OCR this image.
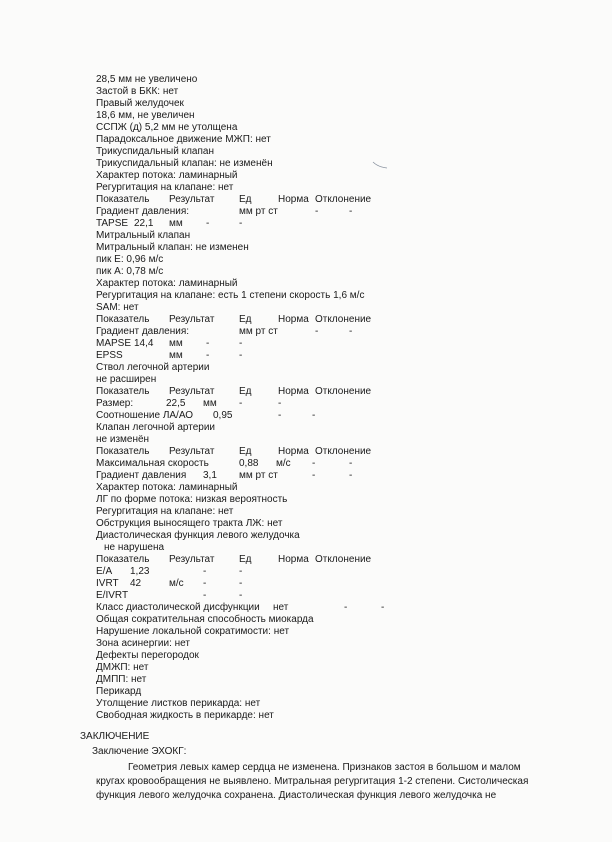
28,5 мм не увеличено
Застой в БКК: нет
Правый желудочек
18,6 мм, не увеличен
ССПЖ (д) 5,2 мм не утолщена
Парадоксальное движение МЖП: нет
Трикуспидальный клапан
Трикуспидальный клапан: не изменён
Характер потока: ламинарный
Регургитация на клапане: нет
Показатель Результат Ед	Норма Отклонение
Градиент давления:	мм рт ст	-	-
TAPSE 22,1 мм -	-
Митральный клапан
Митральный клапан: не изменен
пик E: 0,96 м/с
пик А: 0,78 м/с
Характер потока: ламинарный
Регургитация на клапане: есть 1 степени скорость 1,6 м/с
SAM: нет
Показатель Результат Ед	Норма Отклонение
Градиент давления:	мм рт ст	-	-
MAPSE 14,4 мм -	-
EPSS	мм -	-
Ствол легочной артерии
не расширен
Показатель Результат Ед	Норма Отклонение
Размер:	22,5 мм -	-
Соотношение ЛА/АО 0,95	-	-
Клапан легочной артерии
не изменён
Показатель Результат Ед	Норма Отклонение
Максимальная скорость	0,88 м/с -	-
Градиент давления 3,1 мм рт ст	-	-
Характер потока: ламинарный
ЛГ по форме потока: низкая вероятность
Регургитация на клапане: нет
Обструкция выносящего тракта ЛЖ: нет
Диастолическая функция левого желудочка
не нарушена
Показатель Результат Ед	Норма Отклонение
E/A 1,23	-	-
IVRT 42	м/с -	-
E/IVRT	-	-
Класс диастолической дисфункции нет	-	-
Общая сократительная способность миокарда
Нарушение локальной сократимости: нет
Зона асинергии: нет
Дефекты перегородок
ДМЖП: нет
ДМПП: нет
Перикард
Утолщение листков перикарда: нет
Свободная жидкость в перикарде: нет
ЗАКЛЮЧЕНИЕ
Заключение ЭХОКГ:
Геометрия левых камер сердца не изменена. Признаков застоя в большом и малом
кругах кровообращения не выявлено. Митральная регургитация 1-2 степени. Систолическая
функция левого желудочка сохранена. Диастолическая функция левого желудочка не
